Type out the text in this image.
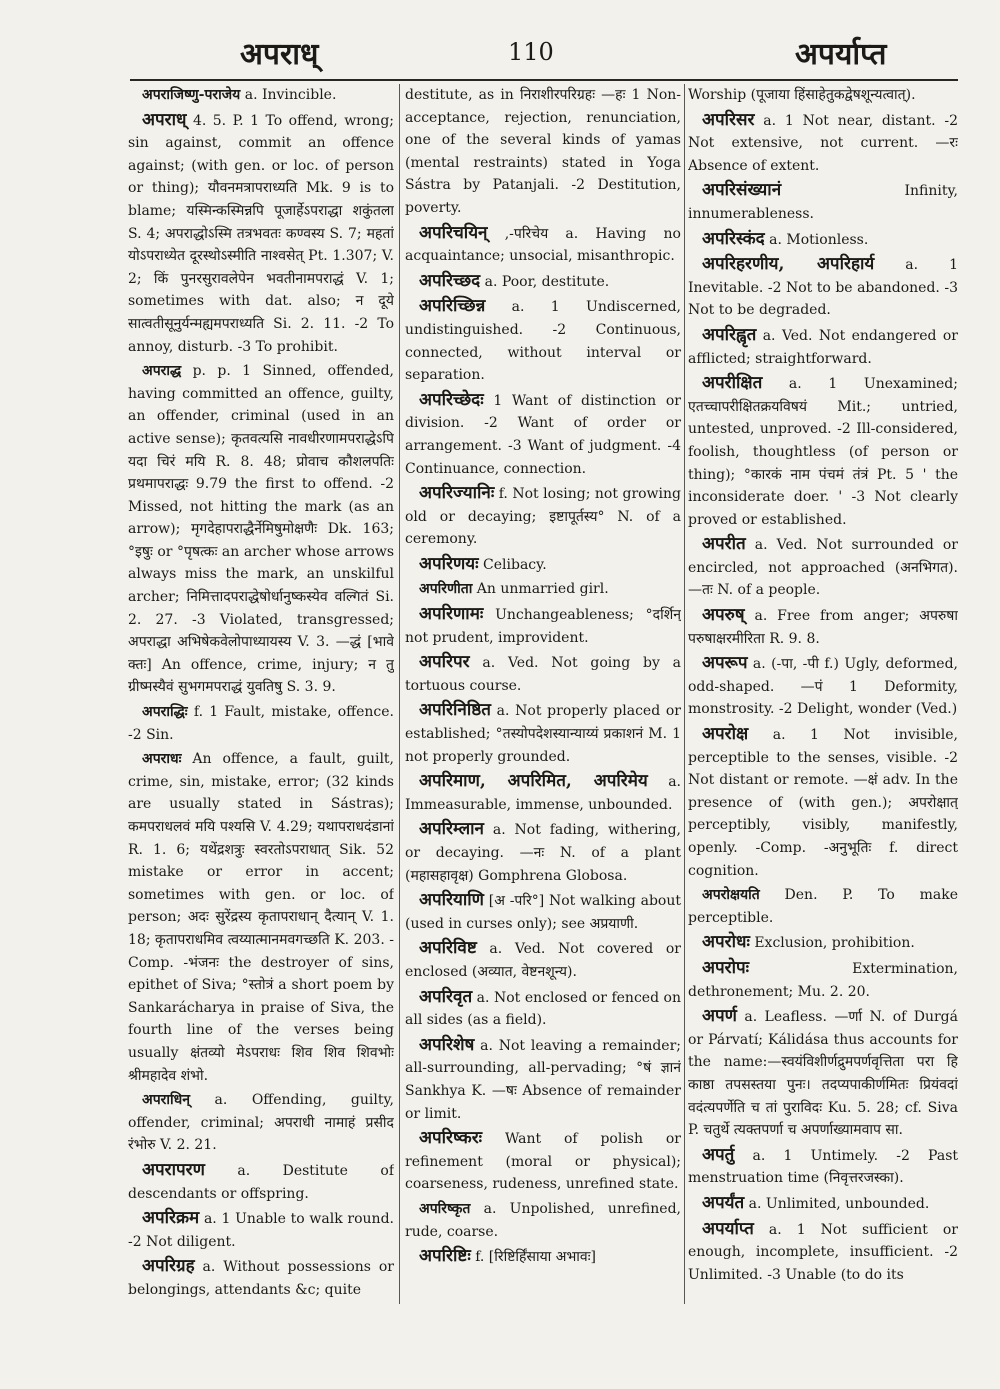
अपराध्	110	अपर्याप्त

अपराजिष्णु-पराजेय a. Invincible.

अपराध् 4. 5. P. 1 To offend, wrong; sin against, commit an offence against; (with gen. or loc. of person or thing); यौवनमत्रापराध्यति Mk. 9 is to blame; यस्मिन्कस्मिन्नपि पूजार्हेऽपराद्धा शकुंतला S. 4; अपराद्धोऽस्मि तत्रभवतः कण्वस्य S. 7; महतां योऽपराध्येत दूरस्थोऽस्मीति नाश्वसेत् Pt. 1.307; V. 2; किं पुनरसुरावलेपेन भवतीनामपराद्धं V. 1; sometimes with dat. also; न दूये सात्वतीसूनुर्यन्मह्यमपराध्यति Si. 2. 11. -2 To annoy, disturb. -3 To prohibit.

अपराद्ध p. p. 1 Sinned, offended, having committed an offence, guilty, an offender, criminal (used in an active sense); कृतवत्यसि नावधीरणामपराद्धेऽपि यदा चिरं मयि R. 8. 48; प्रोवाच कौशलपतिः प्रथमापराद्धः 9.79 the first to offend. -2 Missed, not hitting the mark (as an arrow); मृगदेहापराद्धैर्नेमिषुमोक्षणैः Dk. 163; °इषुः or °पृषत्कः an archer whose arrows always miss the mark, an unskilful archer; निमित्तादपराद्धेषोर्धानुष्कस्येव वल्गितं Si. 2. 27. -3 Violated, transgressed; अपराद्धा अभिषेकवेलोपाध्यायस्य V. 3. —द्धं [भावे क्तः] An offence, crime, injury; न तु ग्रीष्मस्यैवं सुभगमपराद्धं युवतिषु S. 3. 9.

अपराद्धिः f. 1 Fault, mistake, offence. -2 Sin.

अपराधः An offence, a fault, guilt, crime, sin, mistake, error; (32 kinds are usually stated in Sástras); कमपराधलवं मयि पश्यसि V. 4.29; यथापराधदंडानां R. 1. 6; यथेंद्रशत्रुः स्वरतोऽपराधात् Sik. 52 mistake or error in accent; sometimes with gen. or loc. of person; अदः सुरेंद्रस्य कृतापराधान् दैत्यान् V. 1. 18; कृतापराधमिव त्वय्यात्मानमवगच्छति K. 203. -Comp. -भंजनः the destroyer of sins, epithet of Siva; °स्तोत्रं a short poem by Sankarácharya in praise of Siva, the fourth line of the verses being usually क्षंतव्यो मेऽपराधः शिव शिव शिवभोः श्रीमहादेव शंभो.

अपराधिन् a. Offending, guilty, offender, criminal; अपराधी नामाहं प्रसीद रंभोरु V. 2. 21.

अपरापरण a. Destitute of descendants or offspring.

अपरिक्रम a. 1 Unable to walk round. -2 Not diligent.

अपरिग्रह a. Without possessions or belongings, attendants &c; quite

destitute, as in निराशीरपरिग्रहः —हः 1 Non-acceptance, rejection, renunciation, one of the several kinds of yamas (mental restraints) stated in Yoga Sástra by Patanjali. -2 Destitution, poverty.

अपरिचयिन् ,-परिचेय a. Having no acquaintance; unsocial, misanthropic.

अपरिच्छद a. Poor, destitute.

अपरिच्छिन्न a. 1 Undiscerned, undistinguished. -2 Continuous, connected, without interval or separation.

अपरिच्छेदः 1 Want of distinction or division. -2 Want of order or arrangement. -3 Want of judgment. -4 Continuance, connection.

अपरिज्यानिः f. Not losing; not growing old or decaying; इष्टापूर्तस्य° N. of a ceremony.

अपरिणयः Celibacy.

अपरिणीता An unmarried girl.

अपरिणामः Unchangeableness; °दर्शिन् not prudent, improvident.

अपरिपर a. Ved. Not going by a tortuous course.

अपरिनिष्ठित a. Not properly placed or established; °तस्योपदेशस्यान्याय्यं प्रकाशनं M. 1 not properly grounded.

अपरिमाण, अपरिमित, अपरिमेय a. Immeasurable, immense, unbounded.

अपरिम्लान a. Not fading, withering, or decaying. —नः N. of a plant (महासहावृक्ष) Gomphrena Globosa.

अपरियाणि [अ -परि°] Not walking about (used in curses only); see अप्रयाणी.

अपरिविष्ट a. Ved. Not covered or enclosed (अव्यात, वेष्टनशून्य).

अपरिवृत a. Not enclosed or fenced on all sides (as a field).

अपरिशेष a. Not leaving a remainder; all-surrounding, all-pervading; °षं ज्ञानं Sankhya K. —षः Absence of remainder or limit.

अपरिष्करः Want of polish or refinement (moral or physical); coarseness, rudeness, unrefined state.

अपरिष्कृत a. Unpolished, unrefined, rude, coarse.

अपरिष्टिः f. [रिष्टिर्हिंसाया अभावः]

Worship (पूजाया हिंसाहेतुकद्वेषशून्यत्वात्).

अपरिसर a. 1 Not near, distant. -2 Not extensive, not current. —रः Absence of extent.

अपरिसंख्यानं Infinity, innumerableness.

अपरिस्कंद a. Motionless.

अपरिहरणीय, अपरिहार्य a. 1 Inevitable. -2 Not to be abandoned. -3 Not to be degraded.

अपरिह्वृत a. Ved. Not endangered or afflicted; straightforward.

अपरीक्षित a. 1 Unexamined; एतच्चापरीक्षितक्रयविषयं Mit.; untried, untested, unproved. -2 Ill-considered, foolish, thoughtless (of person or thing); °कारकं नाम पंचमं तंत्रं Pt. 5 ' the inconsiderate doer. ' -3 Not clearly proved or established.

अपरीत a. Ved. Not surrounded or encircled, not approached (अनभिगत). —तः N. of a people.

अपरुष् a. Free from anger; अपरुषा परुषाक्षरमीरिता R. 9. 8.

अपरूप a. (-पा, -पी f.) Ugly, deformed, odd-shaped. —पं 1 Deformity, monstrosity. -2 Delight, wonder (Ved.)

अपरोक्ष a. 1 Not invisible, perceptible to the senses, visible. -2 Not distant or remote. —क्षं adv. In the presence of (with gen.); अपरोक्षात् perceptibly, visibly, manifestly, openly. -Comp. -अनुभूतिः f. direct cognition.

अपरोक्षयति Den. P. To make perceptible.

अपरोधः Exclusion, prohibition.

अपरोपः Extermination, dethronement; Mu. 2. 20.

अपर्ण a. Leafless. —र्णा N. of Durgá or Párvatí; Kálidása thus accounts for the name:—स्वयंविशीर्णद्रुमपर्णवृत्तिता परा हि काष्ठा तपसस्तया पुनः। तदप्यपाकीर्णमितः प्रियंवदां वदंत्यपर्णेति च तां पुराविदः Ku. 5. 28; cf. Siva P. चतुर्थे त्यक्तपर्णा च अपर्णाख्यामवाप सा.

अपर्तु a. 1 Untimely. -2 Past menstruation time (निवृत्तरजस्का).

अपर्यंत a. Unlimited, unbounded.

अपर्याप्त a. 1 Not sufficient or enough, incomplete, insufficient. -2 Unlimited. -3 Unable (to do its
